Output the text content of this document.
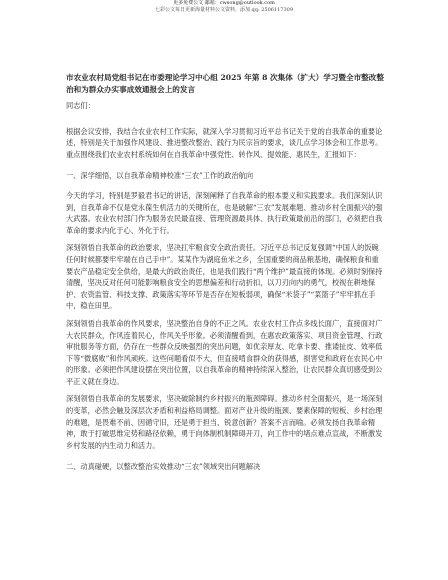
更多免费公文 邮箱：cwsong@outlook.com
七彩公文每日更新海量材料公文资料，添加 qq: 2506117309
市农业农村局党组书记在市委理论学习中心组 2025 年第 8 次集体（扩大）学习暨全市整改整治和为群众办实事成效通报会上的发言
同志们：

根据会议安排，我结合农业农村工作实际，就深入学习贯彻习近平总书记关于党的自我革命的重要论述，特别是关于加强作风建设、推进整改整治、践行为民宗旨的要求，谈几点学习体会和工作思考。重点围绕我们农业农村系统如何在自我革命中强党性、转作风、提效能、惠民生，汇报如下：

一、深学细悟，以自我革命精神校准“三农”工作的政治航向

今天的学习，特别是罗毅君书记的讲话，深刻阐释了自我革命的根本要义和实践要求。我们深刻认识到，自我革命不仅是党永葆生机活力的关键所在，也是破解“三农”发展难题、推动乡村全面振兴的强大武器。农业农村部门作为服务农民最直接、管理资源最具体、执行政策最前沿的部门，必须把自我革命的要求内化于心、外化于行。

深刻领悟自我革命的政治要求，坚决扛牢粮食安全政治责任。习近平总书记反复强调“中国人的饭碗任何时候都要牢牢端在自己手中”。某某作为湖庭鱼米之乡，全国重要的商品粮基地，确保粮食和重要农产品稳定安全供给，是最大的政治责任，也是我们践行“两个维护”最直接的体现。必须时刻保持清醒，坚决反对任何可能影响粮食安全的思想偏差和行动折扣，以刀刃向内的勇气，校视在耕地保护、农资监管、科技支撑、政策落实等环节是否存在短板弱项，确保“米袋子”“菜篮子”牢牢抓在手中，稳在田里。

深刻领悟自我革命的作风要求，坚决整治自身的不正之风。农业农村工作点多线长面广，直接面对广大农民群众，作风连着民心，作风关乎形象。必须清醒看到，在惠农政策落实、项目资金管理、行政审批服务等方面，仍存在一些群众反映强烈的突出问题，如优亲厚友、吃拿卡要、推诿扯皮、效率低下等“微腐败”和作风顽疾。这些问题看似不大，但直接啃食群众的获得感，损害党和政府在农民心中的形象。必须把作风建设摆在突出位置，以自我革命的精神持续深入整治，让农民群众真切感受到公平正义就在身边。

深刻领悟自我革命的发展要求，坚决破除制约乡村振兴的瓶颈障碍。推动乡村全面振兴，是一场深刻的变革，必然会触及深层次矛盾和利益格局调整。面对产业升级的瓶颈、要素保障的短板、乡村治理的难题，是畏难不前、因循守旧，还是勇于担当、锐意创新？答案不言而喻。必须发扬自我革命精神，敢于打破思维定势和路径依赖，勇于向体制机制障碍开刀，向工作中的堵点难点宣战，不断激发乡村发展的内生动力和活力。

二、动真碰硬，以整改整治实效推动“三农”领域突出问题解决
